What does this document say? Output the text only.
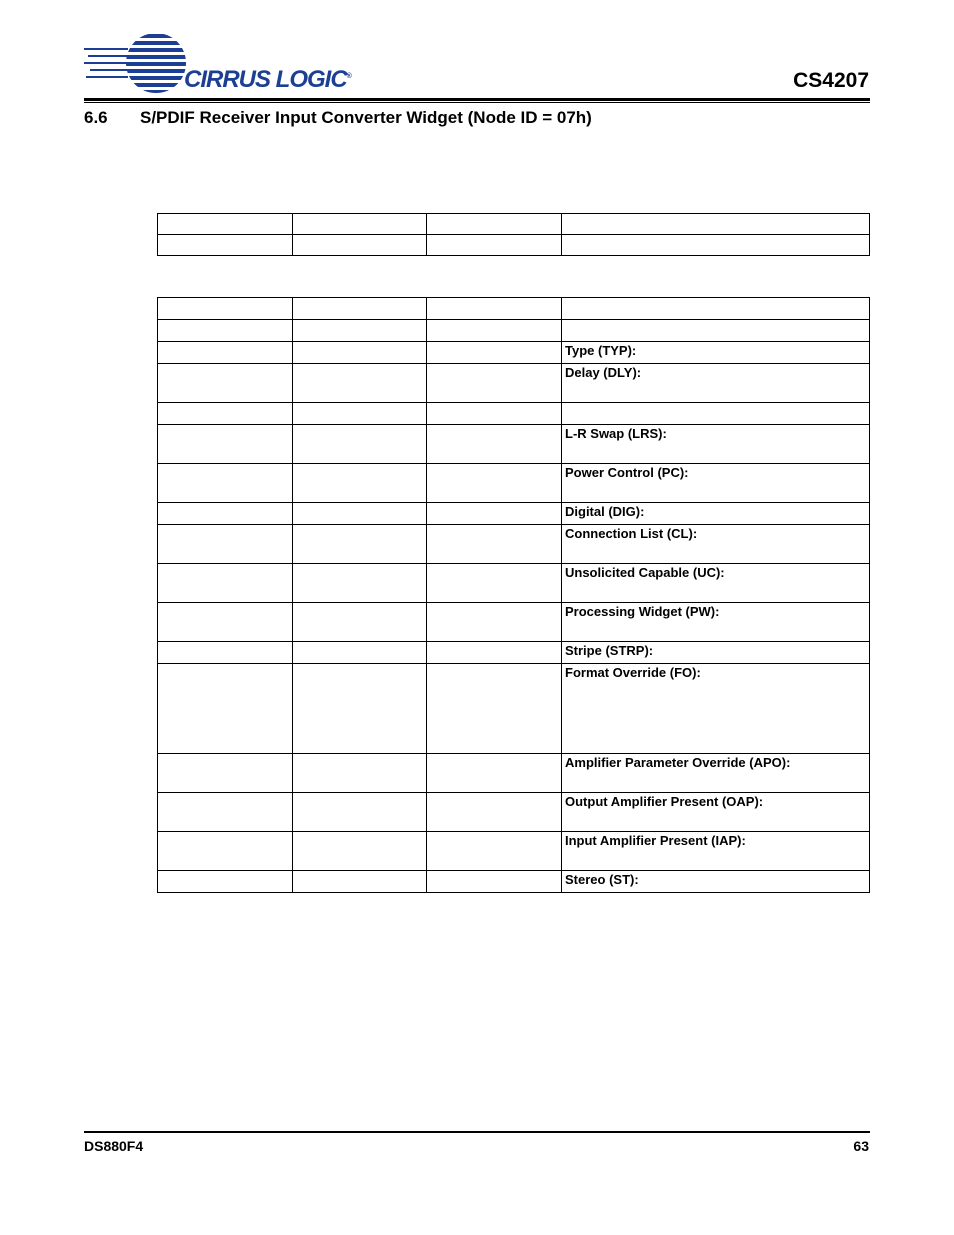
CIRRUS LOGIC®	CS4207
6.6 S/PDIF Receiver Input Converter Widget (Node ID = 07h)

			Type (TYP):
			Delay (DLY):

			L-R Swap (LRS):
			Power Control (PC):
			Digital (DIG):
			Connection List (CL):
			Unsolicited Capable (UC):
			Processing Widget (PW):
			Stripe (STRP):
			Format Override (FO):
			Amplifier Parameter Override (APO):
			Output Amplifier Present (OAP):
			Input Amplifier Present (IAP):
			Stereo (ST):
DS880F4	63
